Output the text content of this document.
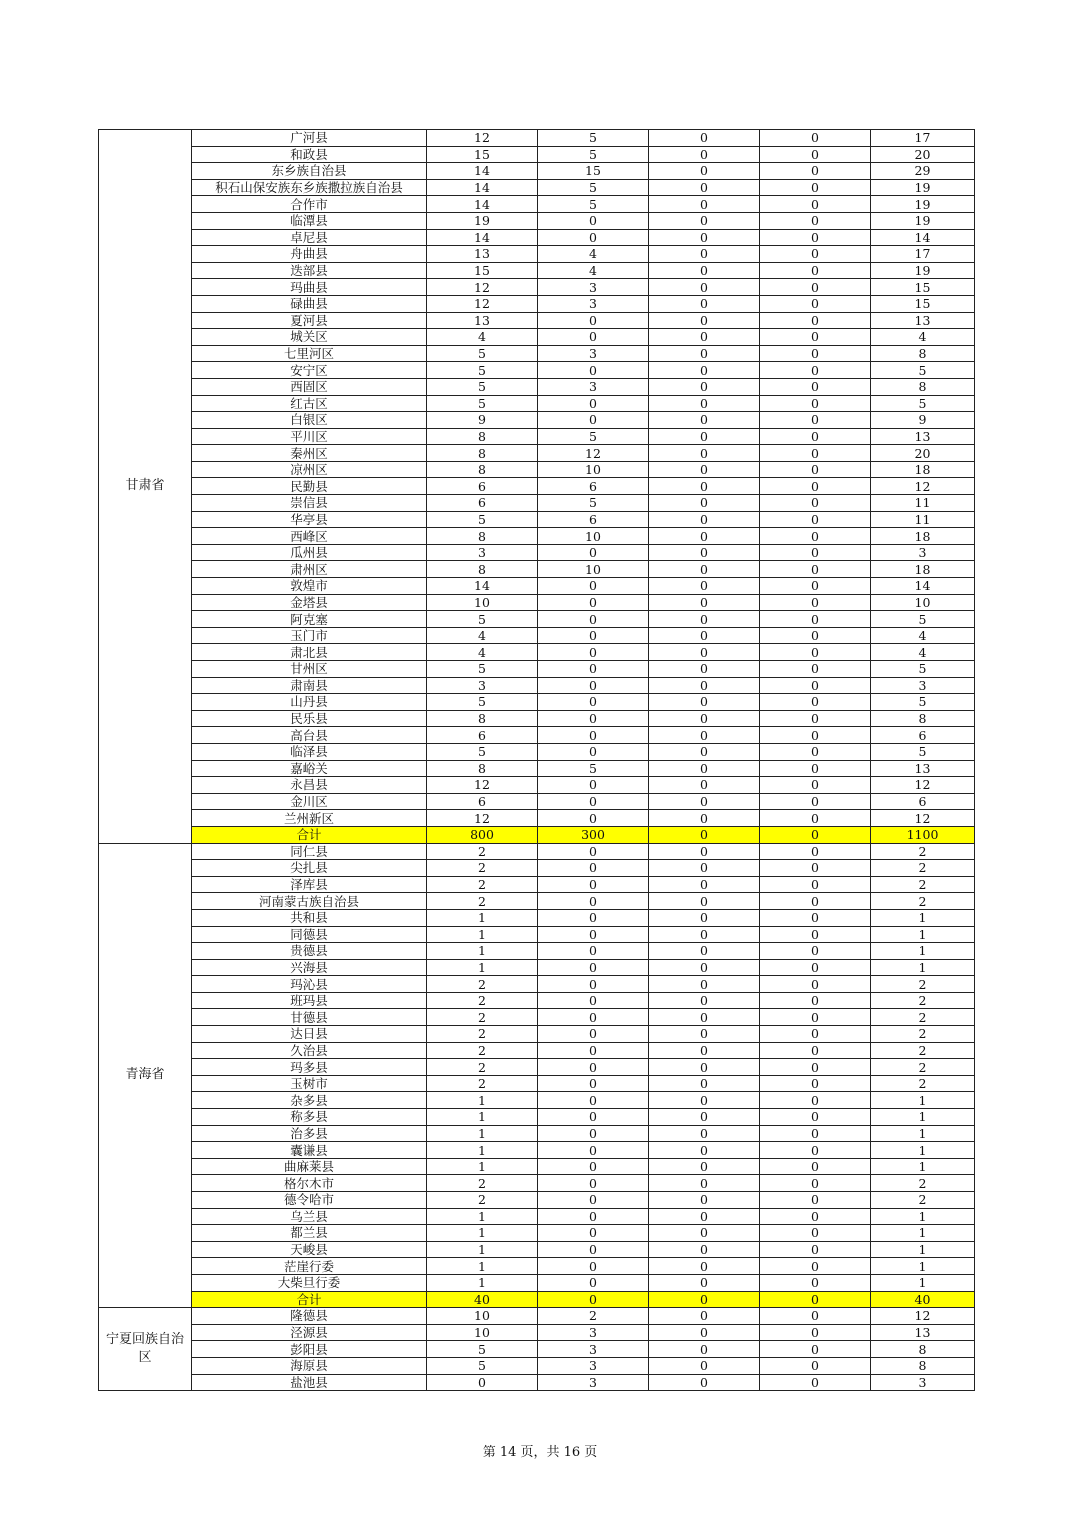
甘肃省	广河县	12	5	0	0	17
	和政县	15	5	0	0	20
	东乡族自治县	14	15	0	0	29
	积石山保安族东乡族撒拉族自治县	14	5	0	0	19
	合作市	14	5	0	0	19
	临潭县	19	0	0	0	19
	卓尼县	14	0	0	0	14
	舟曲县	13	4	0	0	17
	迭部县	15	4	0	0	19
	玛曲县	12	3	0	0	15
	碌曲县	12	3	0	0	15
	夏河县	13	0	0	0	13
	城关区	4	0	0	0	4
	七里河区	5	3	0	0	8
	安宁区	5	0	0	0	5
	西固区	5	3	0	0	8
	红古区	5	0	0	0	5
	白银区	9	0	0	0	9
	平川区	8	5	0	0	13
	秦州区	8	12	0	0	20
	凉州区	8	10	0	0	18
	民勤县	6	6	0	0	12
	崇信县	6	5	0	0	11
	华亭县	5	6	0	0	11
	西峰区	8	10	0	0	18
	瓜州县	3	0	0	0	3
	肃州区	8	10	0	0	18
	敦煌市	14	0	0	0	14
	金塔县	10	0	0	0	10
	阿克塞	5	0	0	0	5
	玉门市	4	0	0	0	4
	肃北县	4	0	0	0	4
	甘州区	5	0	0	0	5
	肃南县	3	0	0	0	3
	山丹县	5	0	0	0	5
	民乐县	8	0	0	0	8
	高台县	6	0	0	0	6
	临泽县	5	0	0	0	5
	嘉峪关	8	5	0	0	13
	永昌县	12	0	0	0	12
	金川区	6	0	0	0	6
	兰州新区	12	0	0	0	12
	合计	800	300	0	0	1100
青海省	同仁县	2	0	0	0	2
	尖扎县	2	0	0	0	2
	泽库县	2	0	0	0	2
	河南蒙古族自治县	2	0	0	0	2
	共和县	1	0	0	0	1
	同德县	1	0	0	0	1
	贵德县	1	0	0	0	1
	兴海县	1	0	0	0	1
	玛沁县	2	0	0	0	2
	班玛县	2	0	0	0	2
	甘德县	2	0	0	0	2
	达日县	2	0	0	0	2
	久治县	2	0	0	0	2
	玛多县	2	0	0	0	2
	玉树市	2	0	0	0	2
	杂多县	1	0	0	0	1
	称多县	1	0	0	0	1
	治多县	1	0	0	0	1
	囊谦县	1	0	0	0	1
	曲麻莱县	1	0	0	0	1
	格尔木市	2	0	0	0	2
	德令哈市	2	0	0	0	2
	乌兰县	1	0	0	0	1
	都兰县	1	0	0	0	1
	天峻县	1	0	0	0	1
	茫崖行委	1	0	0	0	1
	大柴旦行委	1	0	0	0	1
	合计	40	0	0	0	40
宁夏回族自治区	隆德县	10	2	0	0	12
	泾源县	10	3	0	0	13
	彭阳县	5	3	0	0	8
	海原县	5	3	0	0	8
	盐池县	0	3	0	0	3
第 14 页，共 16 页
